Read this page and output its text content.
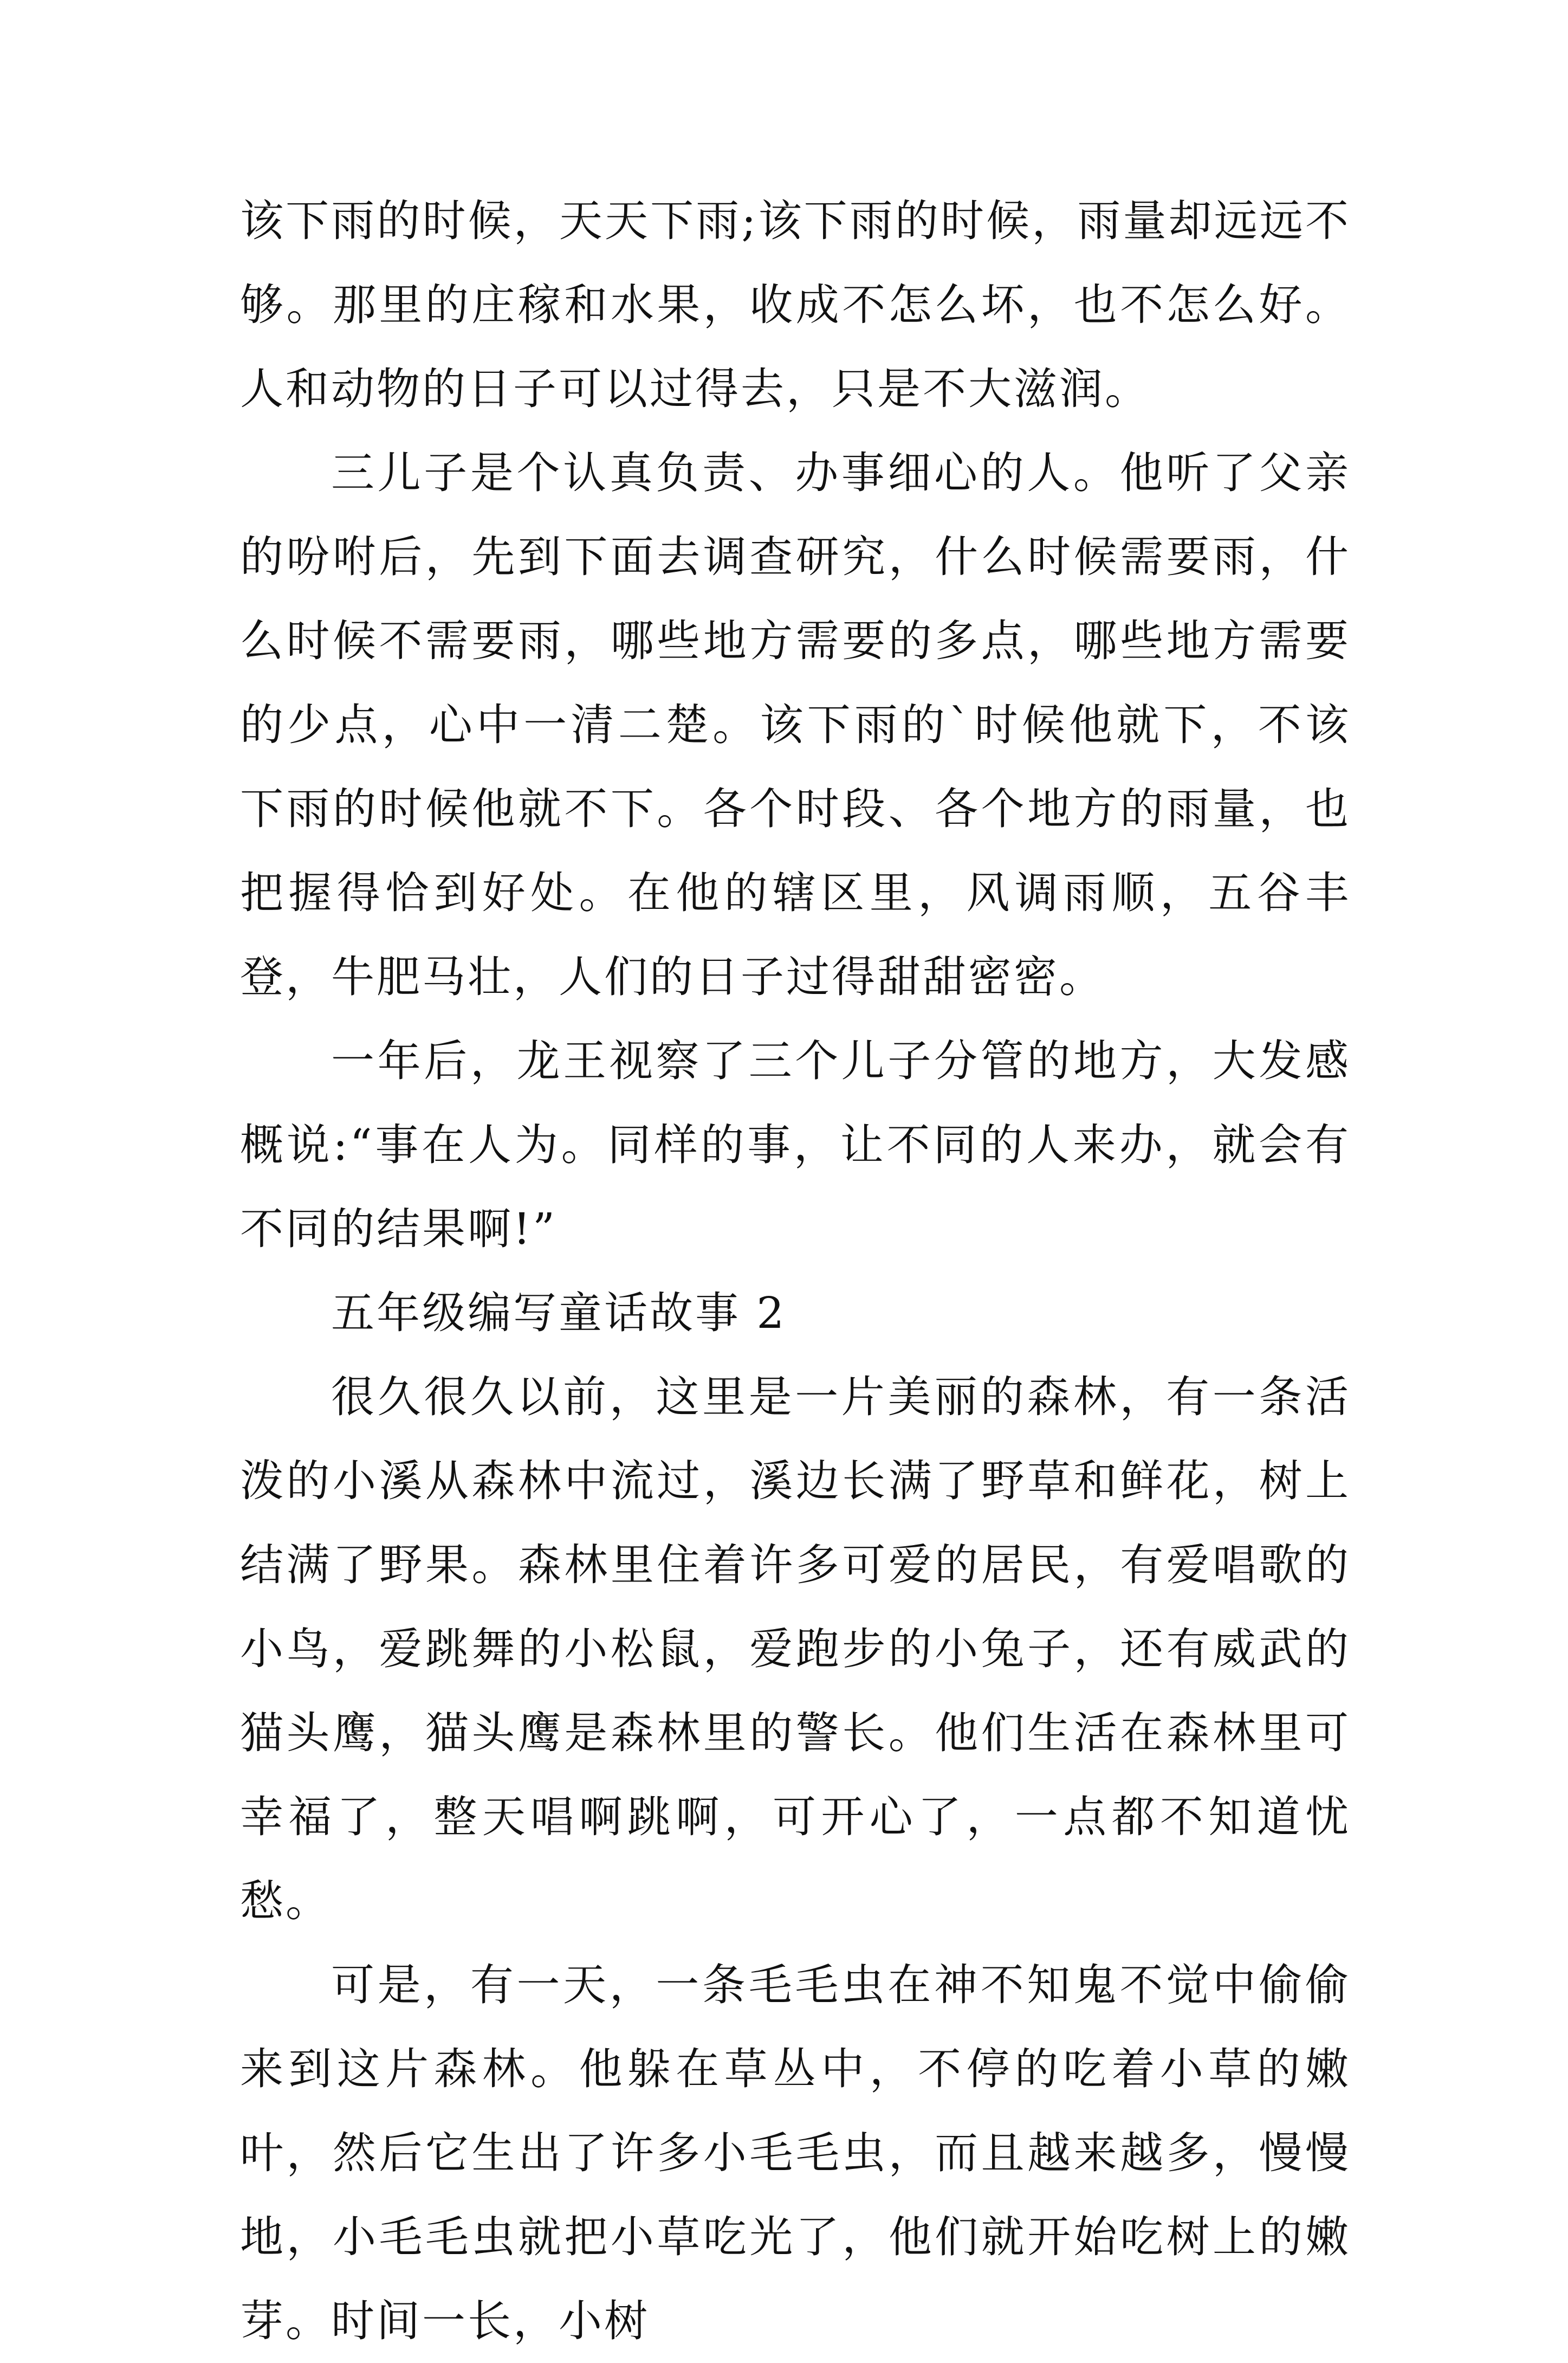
该下雨的时候，天天下雨;该下雨的时候，雨量却远远不够。那里的庄稼和水果，收成不怎么坏，也不怎么好。人和动物的日子可以过得去，只是不大滋润。

三儿子是个认真负责、办事细心的人。他听了父亲的吩咐后，先到下面去调查研究，什么时候需要雨，什么时候不需要雨，哪些地方需要的多点，哪些地方需要的少点，心中一清二楚。该下雨的`时候他就下，不该下雨的时候他就不下。各个时段、各个地方的雨量，也把握得恰到好处。在他的辖区里，风调雨顺，五谷丰登，牛肥马壮，人们的日子过得甜甜密密。

一年后，龙王视察了三个儿子分管的地方，大发感概说:“事在人为。同样的事，让不同的人来办，就会有不同的结果啊!”

五年级编写童话故事 2

很久很久以前，这里是一片美丽的森林，有一条活泼的小溪从森林中流过，溪边长满了野草和鲜花，树上结满了野果。森林里住着许多可爱的居民，有爱唱歌的小鸟，爱跳舞的小松鼠，爱跑步的小兔子，还有威武的猫头鹰，猫头鹰是森林里的警长。他们生活在森林里可幸福了，整天唱啊跳啊，可开心了，一点都不知道忧愁。

可是，有一天，一条毛毛虫在神不知鬼不觉中偷偷来到这片森林。他躲在草丛中，不停的吃着小草的嫩叶，然后它生出了许多小毛毛虫，而且越来越多，慢慢地，小毛毛虫就把小草吃光了，他们就开始吃树上的嫩芽。时间一长，小树
